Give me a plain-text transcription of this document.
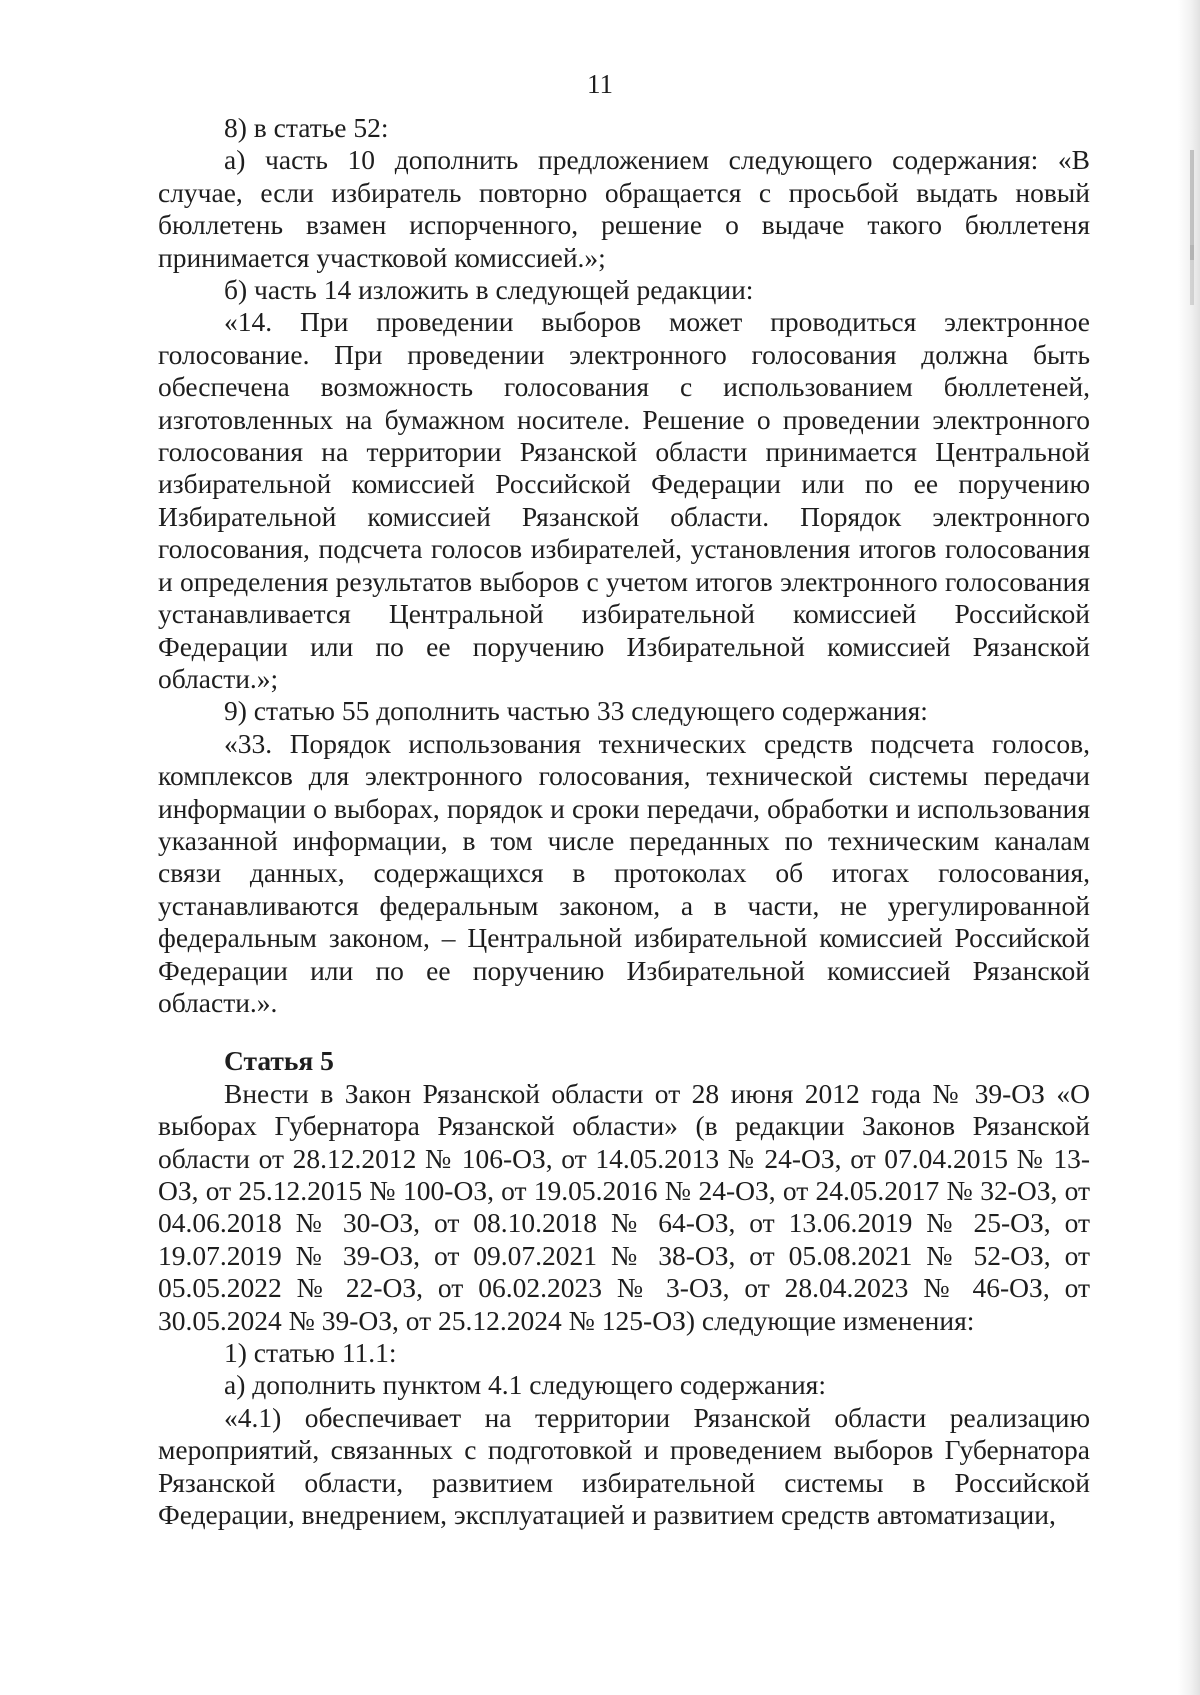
11

8) в статье 52:

а) часть 10 дополнить предложением следующего содержания: «В случае, если избиратель повторно обращается с просьбой выдать новый бюллетень взамен испорченного, решение о выдаче такого бюллетеня принимается участковой комиссией.»;

б) часть 14 изложить в следующей редакции:

«14. При проведении выборов может проводиться электронное голосование. При проведении электронного голосования должна быть обеспечена возможность голосования с использованием бюллетеней, изготовленных на бумажном носителе. Решение о проведении электронного голосования на территории Рязанской области принимается Центральной избирательной комиссией Российской Федерации или по ее поручению Избирательной комиссией Рязанской области. Порядок электронного голосования, подсчета голосов избирателей, установления итогов голосования и определения результатов выборов с учетом итогов электронного голосования устанавливается Центральной избирательной комиссией Российской Федерации или по ее поручению Избирательной комиссией Рязанской области.»;

9) статью 55 дополнить частью 33 следующего содержания:

«33. Порядок использования технических средств подсчета голосов, комплексов для электронного голосования, технической системы передачи информации о выборах, порядок и сроки передачи, обработки и использования указанной информации, в том числе переданных по техническим каналам связи данных, содержащихся в протоколах об итогах голосования, устанавливаются федеральным законом, а в части, не урегулированной федеральным законом, – Центральной избирательной комиссией Российской Федерации или по ее поручению Избирательной комиссией Рязанской области.».

Статья 5

Внести в Закон Рязанской области от 28 июня 2012 года № 39-ОЗ «О выборах Губернатора Рязанской области» (в редакции Законов Рязанской области от 28.12.2012 № 106-ОЗ, от 14.05.2013 № 24-ОЗ, от 07.04.2015 № 13-ОЗ, от 25.12.2015 № 100-ОЗ, от 19.05.2016 № 24-ОЗ, от 24.05.2017 № 32-ОЗ, от 04.06.2018 № 30-ОЗ, от 08.10.2018 № 64-ОЗ, от 13.06.2019 № 25-ОЗ, от 19.07.2019 № 39-ОЗ, от 09.07.2021 № 38-ОЗ, от 05.08.2021 № 52-ОЗ, от 05.05.2022 № 22-ОЗ, от 06.02.2023 № 3-ОЗ, от 28.04.2023 № 46-ОЗ, от 30.05.2024 № 39-ОЗ, от 25.12.2024 № 125-ОЗ) следующие изменения:

1) статью 11.1:

а) дополнить пунктом 4.1 следующего содержания:

«4.1) обеспечивает на территории Рязанской области реализацию мероприятий, связанных с подготовкой и проведением выборов Губернатора Рязанской области, развитием избирательной системы в Российской Федерации, внедрением, эксплуатацией и развитием средств автоматизации,
